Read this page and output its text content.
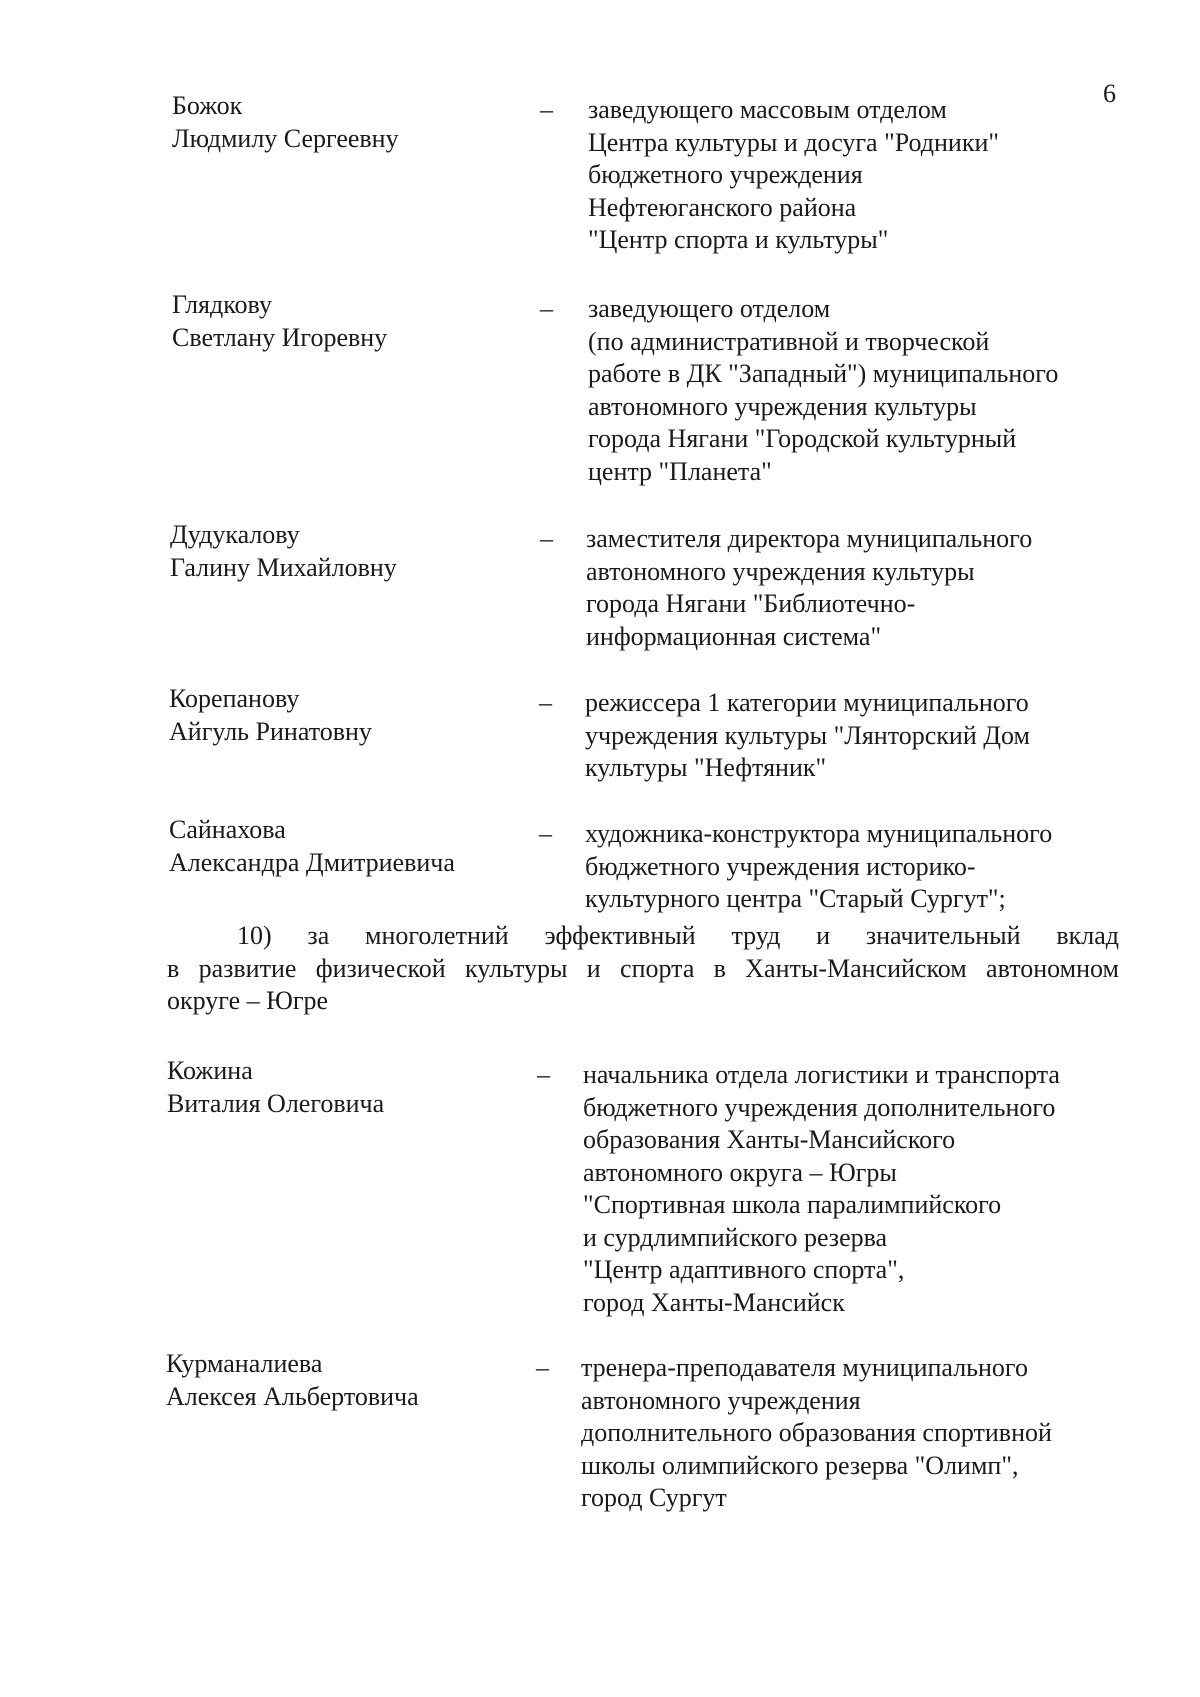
6
Божок
Людмилу Сергеевну
– заведующего массовым отделом
Центра культуры и досуга "Родники"
бюджетного учреждения
Нефтеюганского района
"Центр спорта и культуры"
Глядкову
Светлану Игоревну
– заведующего отделом
(по административной и творческой
работе в ДК "Западный") муниципального
автономного учреждения культуры
города Нягани "Городской культурный
центр "Планета"
Дудукалову
Галину Михайловну
– заместителя директора муниципального
автономного учреждения культуры
города Нягани "Библиотечно-
информационная система"
Корепанову
Айгуль Ринатовну
– режиссера 1 категории муниципального
учреждения культуры "Лянторский Дом
культуры "Нефтяник"
Сайнахова
Александра Дмитриевича
– художника-конструктора муниципального
бюджетного учреждения историко-
культурного центра "Старый Сургут";
10) за многолетний эффективный труд и значительный вклад
в развитие физической культуры и спорта в Ханты-Мансийском автономном
округе – Югре
Кожина
Виталия Олеговича
– начальника отдела логистики и транспорта
бюджетного учреждения дополнительного
образования Ханты-Мансийского
автономного округа – Югры
"Спортивная школа паралимпийского
и сурдлимпийского резерва
"Центр адаптивного спорта",
город Ханты-Мансийск
Курманалиева
Алексея Альбертовича
– тренера-преподавателя муниципального
автономного учреждения
дополнительного образования спортивной
школы олимпийского резерва "Олимп",
город Сургут
